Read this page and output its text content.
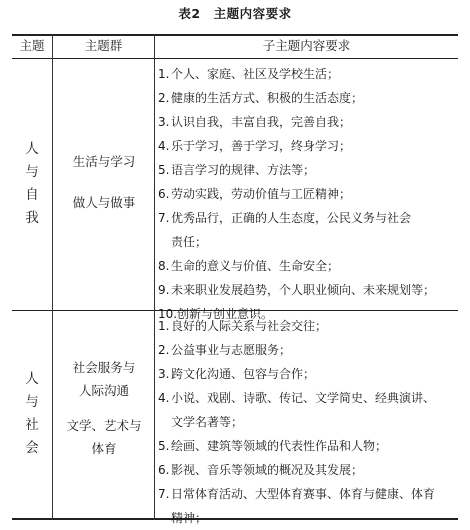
表2　主题内容要求
主题	主题群	子主题内容要求
人
与
自
我
生活与学习
做人与做事
1. 个人、家庭、社区及学校生活；
2. 健康的生活方式、积极的生活态度；
3. 认识自我，丰富自我，完善自我；
4. 乐于学习，善于学习，终身学习；
5. 语言学习的规律、方法等；
6. 劳动实践，劳动价值与工匠精神；
7. 优秀品行，正确的人生态度，公民义务与社会
责任；
8. 生命的意义与价值、生命安全；
9. 未来职业发展趋势，个人职业倾向、未来规划等；
10. 创新与创业意识。
人
与
社
会
社会服务与
人际沟通
文学、艺术与
体育
1. 良好的人际关系与社会交往；
2. 公益事业与志愿服务；
3. 跨文化沟通、包容与合作；
4. 小说、戏剧、诗歌、传记、文学简史、经典演讲、
文学名著等；
5. 绘画、建筑等领域的代表性作品和人物；
6. 影视、音乐等领域的概况及其发展；
7. 日常体育活动、大型体育赛事、体育与健康、体育
精神；
